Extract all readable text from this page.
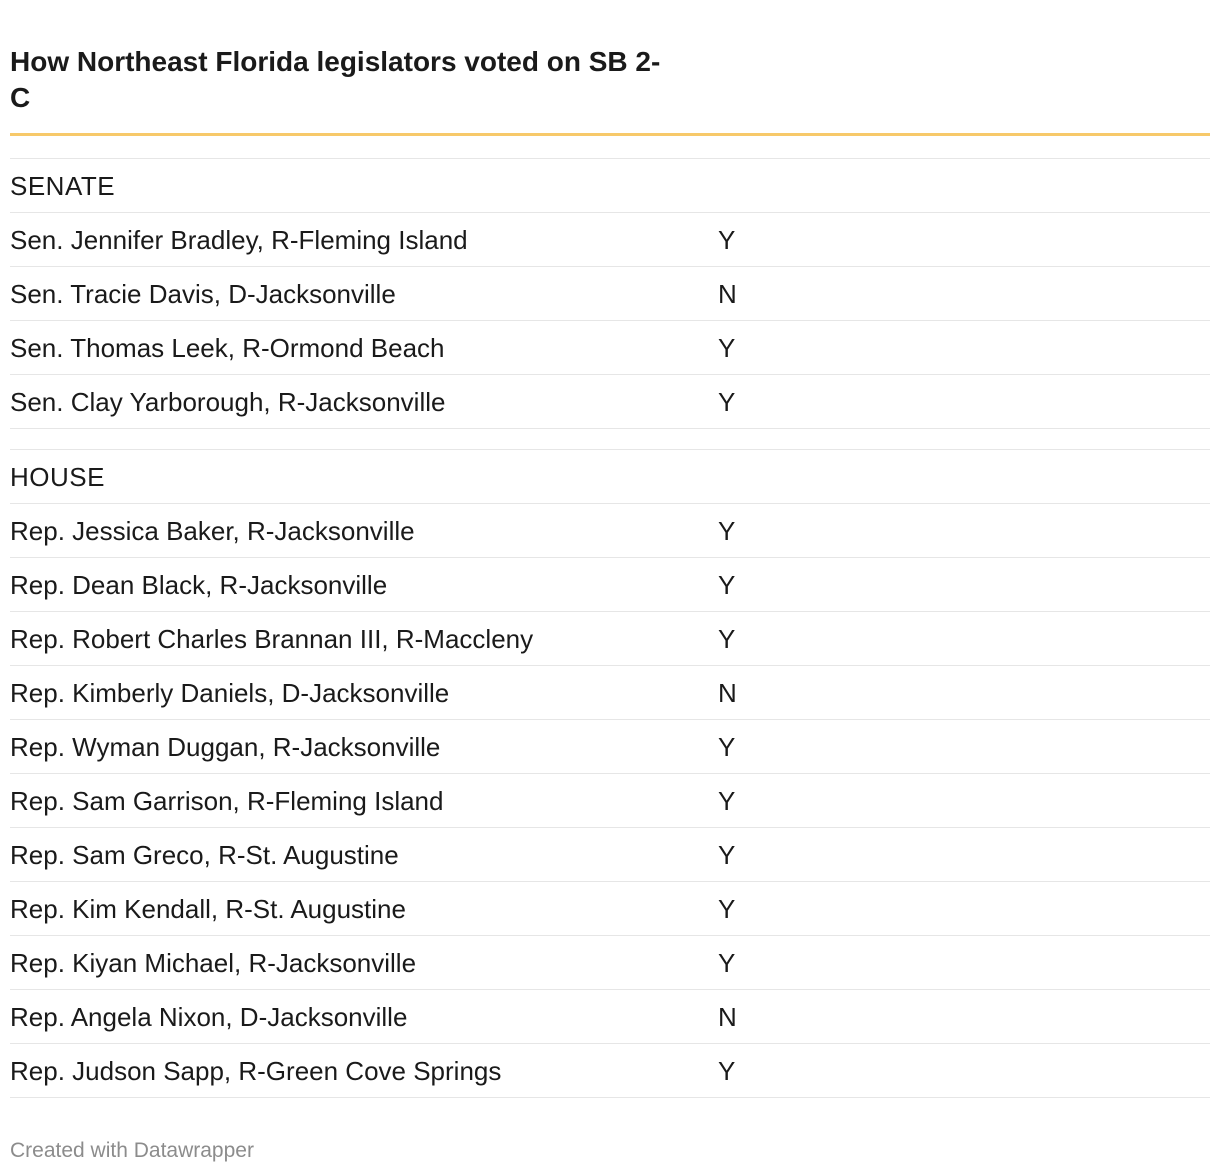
How Northeast Florida legislators voted on SB 2-C
SENATE
Sen. Jennifer Bradley, R-Fleming Island	Y
Sen. Tracie Davis, D-Jacksonville	N
Sen. Thomas Leek, R-Ormond Beach	Y
Sen. Clay Yarborough, R-Jacksonville	Y
HOUSE
Rep. Jessica Baker, R-Jacksonville	Y
Rep. Dean Black, R-Jacksonville	Y
Rep. Robert Charles Brannan III, R-Maccleny	Y
Rep. Kimberly Daniels, D-Jacksonville	N
Rep. Wyman Duggan, R-Jacksonville	Y
Rep. Sam Garrison, R-Fleming Island	Y
Rep. Sam Greco, R-St. Augustine	Y
Rep. Kim Kendall, R-St. Augustine	Y
Rep. Kiyan Michael, R-Jacksonville	Y
Rep. Angela Nixon, D-Jacksonville	N
Rep. Judson Sapp, R-Green Cove Springs	Y
Created with Datawrapper
